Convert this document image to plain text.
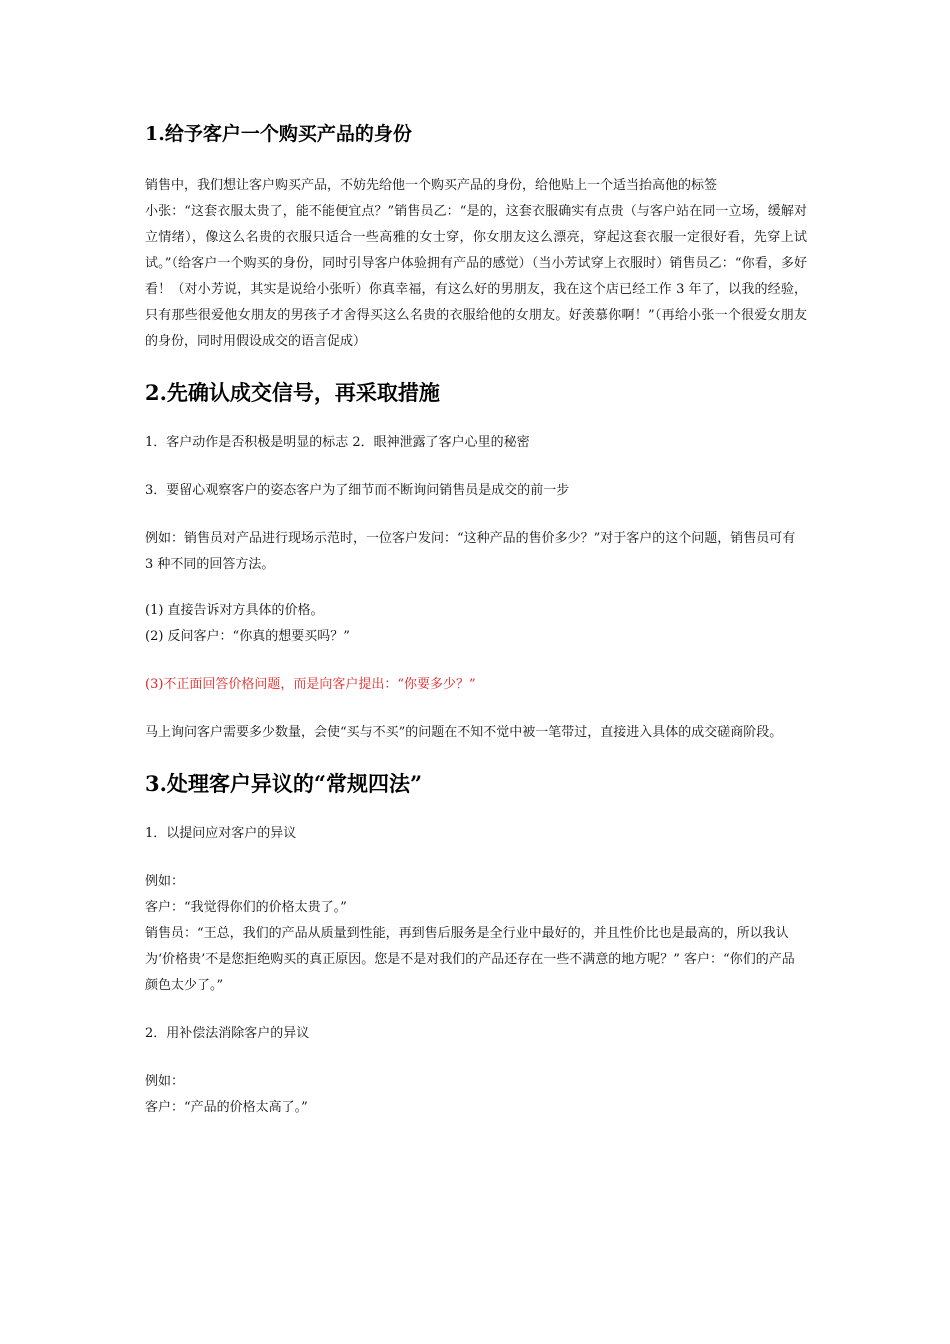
1.给予客户一个购买产品的身份

销售中，我们想让客户购买产品，不妨先给他一个购买产品的身份，给他贴上一个适当抬高他的标签

小张：“这套衣服太贵了，能不能便宜点？”销售员乙：“是的，这套衣服确实有点贵（与客户站在同一立场，缓解对立情绪），像这么名贵的衣服只适合一些高雅的女士穿，你女朋友这么漂亮，穿起这套衣服一定很好看，先穿上试试。”（给客户一个购买的身份，同时引导客户体验拥有产品的感觉）（当小芳试穿上衣服时）销售员乙：“你看，多好看！（对小芳说，其实是说给小张听）你真幸福，有这么好的男朋友，我在这个店已经工作 3 年了，以我的经验，只有那些很爱他女朋友的男孩子才舍得买这么名贵的衣服给他的女朋友。好羡慕你啊！”（再给小张一个很爱女朋友的身份，同时用假设成交的语言促成）

2.先确认成交信号，再采取措施

1．客户动作是否积极是明显的标志 2．眼神泄露了客户心里的秘密

3．要留心观察客户的姿态客户为了细节而不断询问销售员是成交的前一步

例如：销售员对产品进行现场示范时，一位客户发问：“这种产品的售价多少？”对于客户的这个问题，销售员可有 3 种不同的回答方法。

(1) 直接告诉对方具体的价格。

(2) 反问客户：“你真的想要买吗？”

(3)不正面回答价格问题，而是向客户提出：“你要多少？”

马上询问客户需要多少数量，会使“买与不买”的问题在不知不觉中被一笔带过，直接进入具体的成交磋商阶段。

3.处理客户异议的“常规四法”

1．以提问应对客户的异议

例如：

客户：“我觉得你们的价格太贵了。”

销售员：“王总，我们的产品从质量到性能，再到售后服务是全行业中最好的，并且性价比也是最高的，所以我认为‘价格贵’不是您拒绝购买的真正原因。您是不是对我们的产品还存在一些不满意的地方呢？” 客户：“你们的产品颜色太少了。”

2．用补偿法消除客户的异议

例如：

客户：“产品的价格太高了。”
